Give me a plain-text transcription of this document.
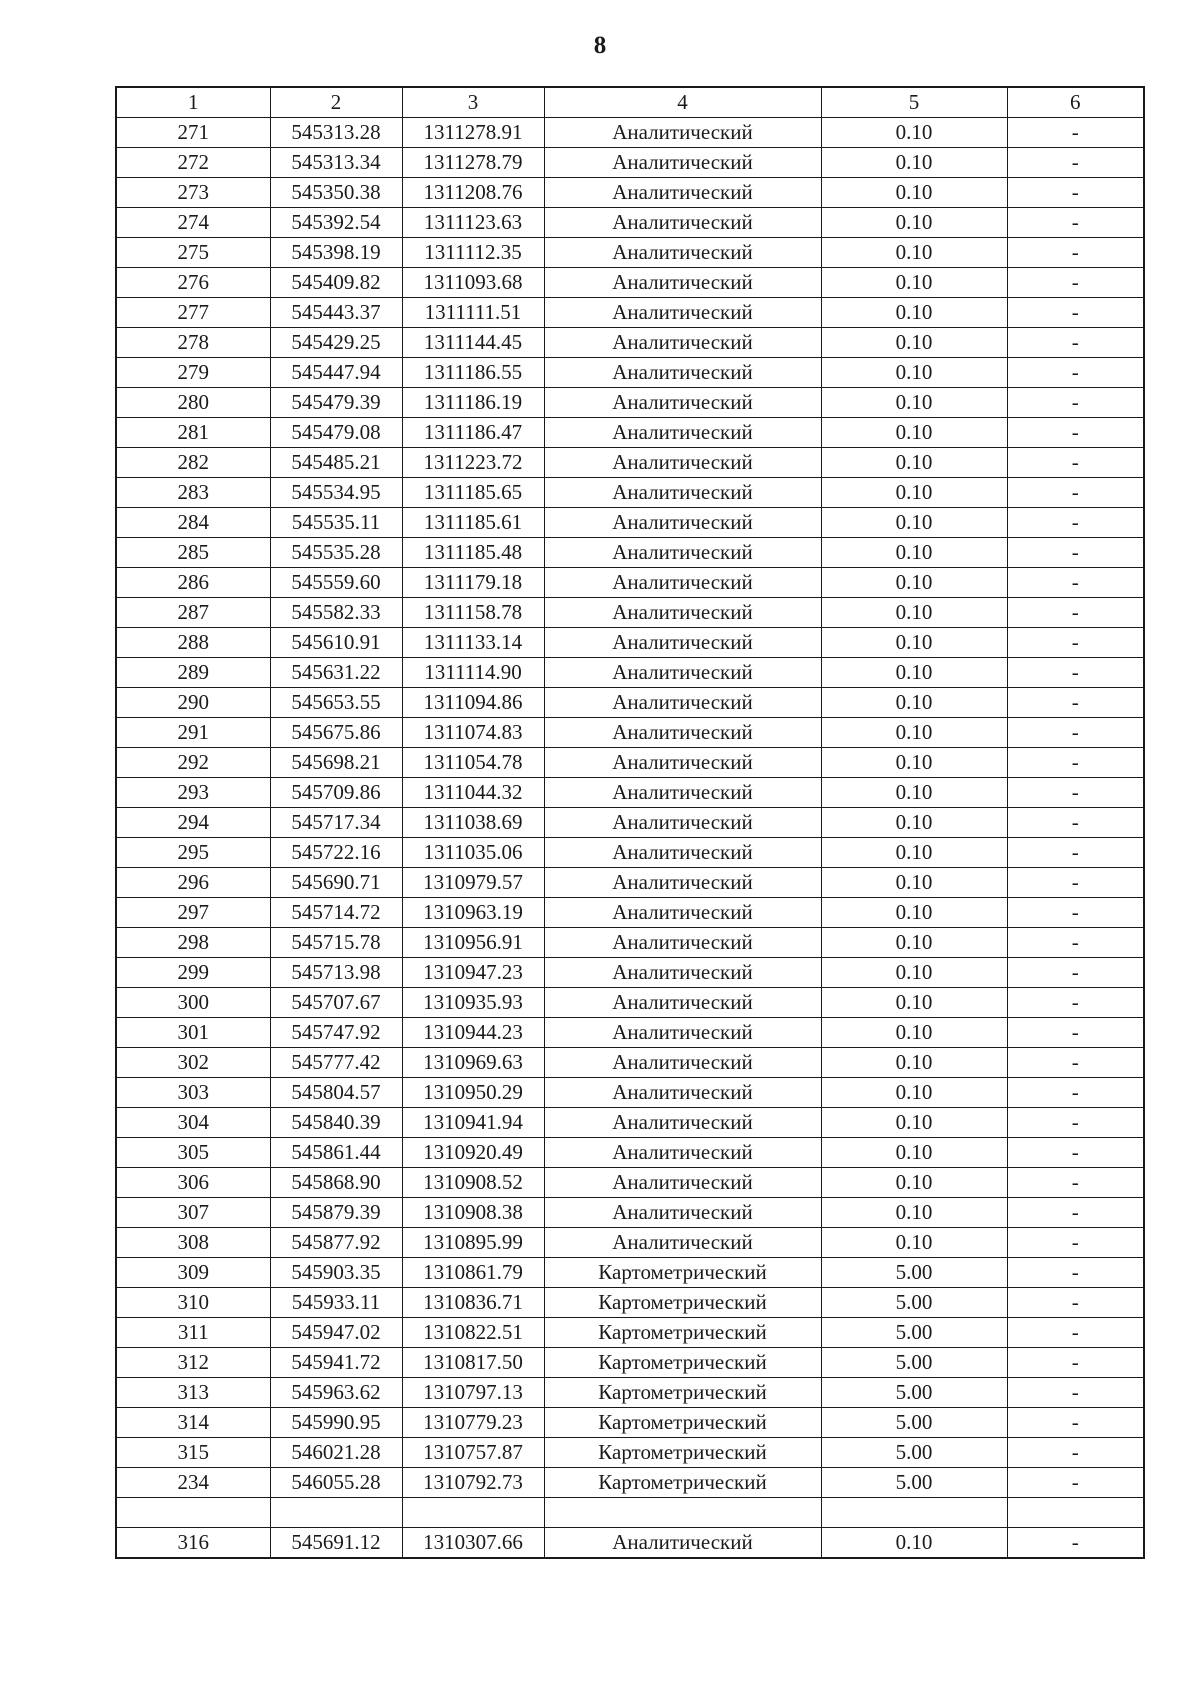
8
1	2	3	4	5	6
271	545313.28	1311278.91	Аналитический	0.10	-
272	545313.34	1311278.79	Аналитический	0.10	-
273	545350.38	1311208.76	Аналитический	0.10	-
274	545392.54	1311123.63	Аналитический	0.10	-
275	545398.19	1311112.35	Аналитический	0.10	-
276	545409.82	1311093.68	Аналитический	0.10	-
277	545443.37	1311111.51	Аналитический	0.10	-
278	545429.25	1311144.45	Аналитический	0.10	-
279	545447.94	1311186.55	Аналитический	0.10	-
280	545479.39	1311186.19	Аналитический	0.10	-
281	545479.08	1311186.47	Аналитический	0.10	-
282	545485.21	1311223.72	Аналитический	0.10	-
283	545534.95	1311185.65	Аналитический	0.10	-
284	545535.11	1311185.61	Аналитический	0.10	-
285	545535.28	1311185.48	Аналитический	0.10	-
286	545559.60	1311179.18	Аналитический	0.10	-
287	545582.33	1311158.78	Аналитический	0.10	-
288	545610.91	1311133.14	Аналитический	0.10	-
289	545631.22	1311114.90	Аналитический	0.10	-
290	545653.55	1311094.86	Аналитический	0.10	-
291	545675.86	1311074.83	Аналитический	0.10	-
292	545698.21	1311054.78	Аналитический	0.10	-
293	545709.86	1311044.32	Аналитический	0.10	-
294	545717.34	1311038.69	Аналитический	0.10	-
295	545722.16	1311035.06	Аналитический	0.10	-
296	545690.71	1310979.57	Аналитический	0.10	-
297	545714.72	1310963.19	Аналитический	0.10	-
298	545715.78	1310956.91	Аналитический	0.10	-
299	545713.98	1310947.23	Аналитический	0.10	-
300	545707.67	1310935.93	Аналитический	0.10	-
301	545747.92	1310944.23	Аналитический	0.10	-
302	545777.42	1310969.63	Аналитический	0.10	-
303	545804.57	1310950.29	Аналитический	0.10	-
304	545840.39	1310941.94	Аналитический	0.10	-
305	545861.44	1310920.49	Аналитический	0.10	-
306	545868.90	1310908.52	Аналитический	0.10	-
307	545879.39	1310908.38	Аналитический	0.10	-
308	545877.92	1310895.99	Аналитический	0.10	-
309	545903.35	1310861.79	Картометрический	5.00	-
310	545933.11	1310836.71	Картометрический	5.00	-
311	545947.02	1310822.51	Картометрический	5.00	-
312	545941.72	1310817.50	Картометрический	5.00	-
313	545963.62	1310797.13	Картометрический	5.00	-
314	545990.95	1310779.23	Картометрический	5.00	-
315	546021.28	1310757.87	Картометрический	5.00	-
234	546055.28	1310792.73	Картометрический	5.00	-

316	545691.12	1310307.66	Аналитический	0.10	-
